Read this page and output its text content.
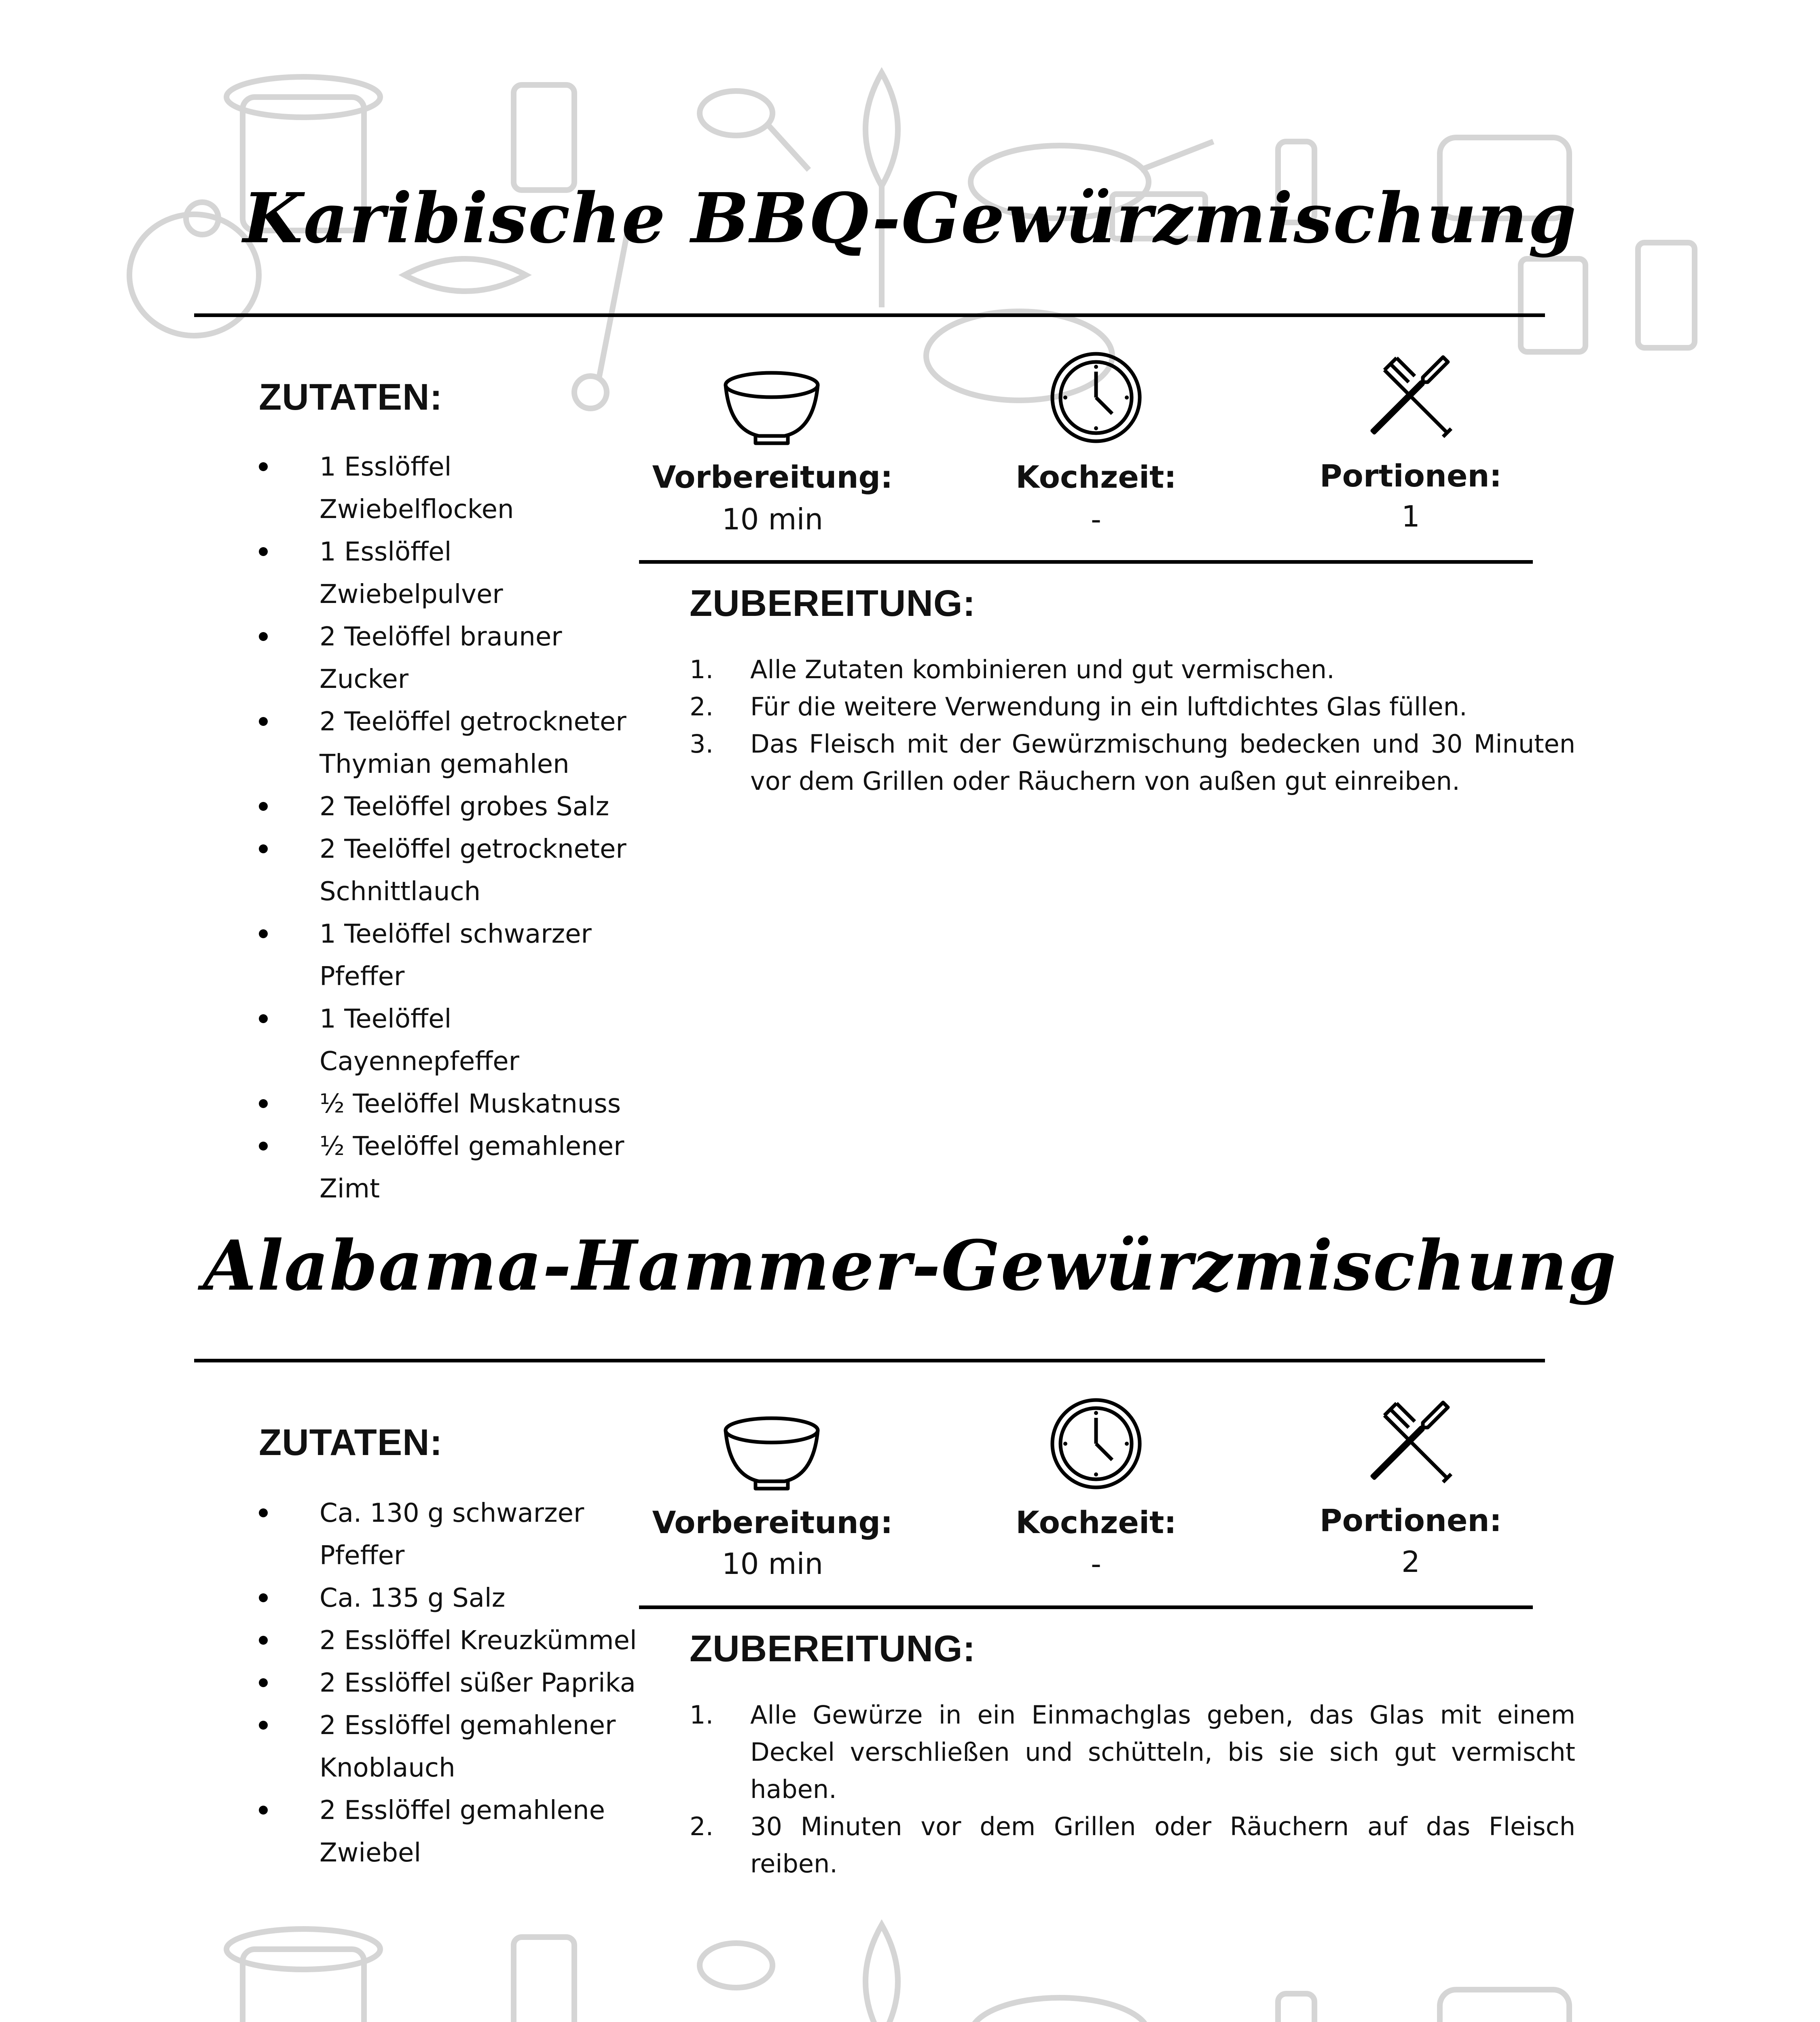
Karibische BBQ-Gewürzmischung
ZUTATEN:
1 Esslöffel
Zwiebelflocken
1 Esslöffel
Zwiebelpulver
2 Teelöffel brauner
Zucker
2 Teelöffel getrockneter
Thymian gemahlen
2 Teelöffel grobes Salz
2 Teelöffel getrockneter
Schnittlauch
1 Teelöffel schwarzer
Pfeffer
1 Teelöffel
Cayennepfeffer
½ Teelöffel Muskatnuss
½ Teelöffel gemahlener
Zimt
Vorbereitung:
10 min
Kochzeit:
-
Portionen:
1
ZUBEREITUNG:
1. Alle Zutaten kombinieren und gut vermischen.
2. Für die weitere Verwendung in ein luftdichtes Glas füllen.
3. Das Fleisch mit der Gewürzmischung bedecken und 30 Minuten vor dem Grillen oder Räuchern von außen gut einreiben.
Alabama-Hammer-Gewürzmischung
ZUTATEN:
Ca. 130 g schwarzer
Pfeffer
Ca. 135 g Salz
2 Esslöffel Kreuzkümmel
2 Esslöffel süßer Paprika
2 Esslöffel gemahlener
Knoblauch
2 Esslöffel gemahlene
Zwiebel
Vorbereitung:
10 min
Kochzeit:
-
Portionen:
2
ZUBEREITUNG:
1. Alle Gewürze in ein Einmachglas geben, das Glas mit einem Deckel verschließen und schütteln, bis sie sich gut vermischt haben.
2. 30 Minuten vor dem Grillen oder Räuchern auf das Fleisch reiben.
